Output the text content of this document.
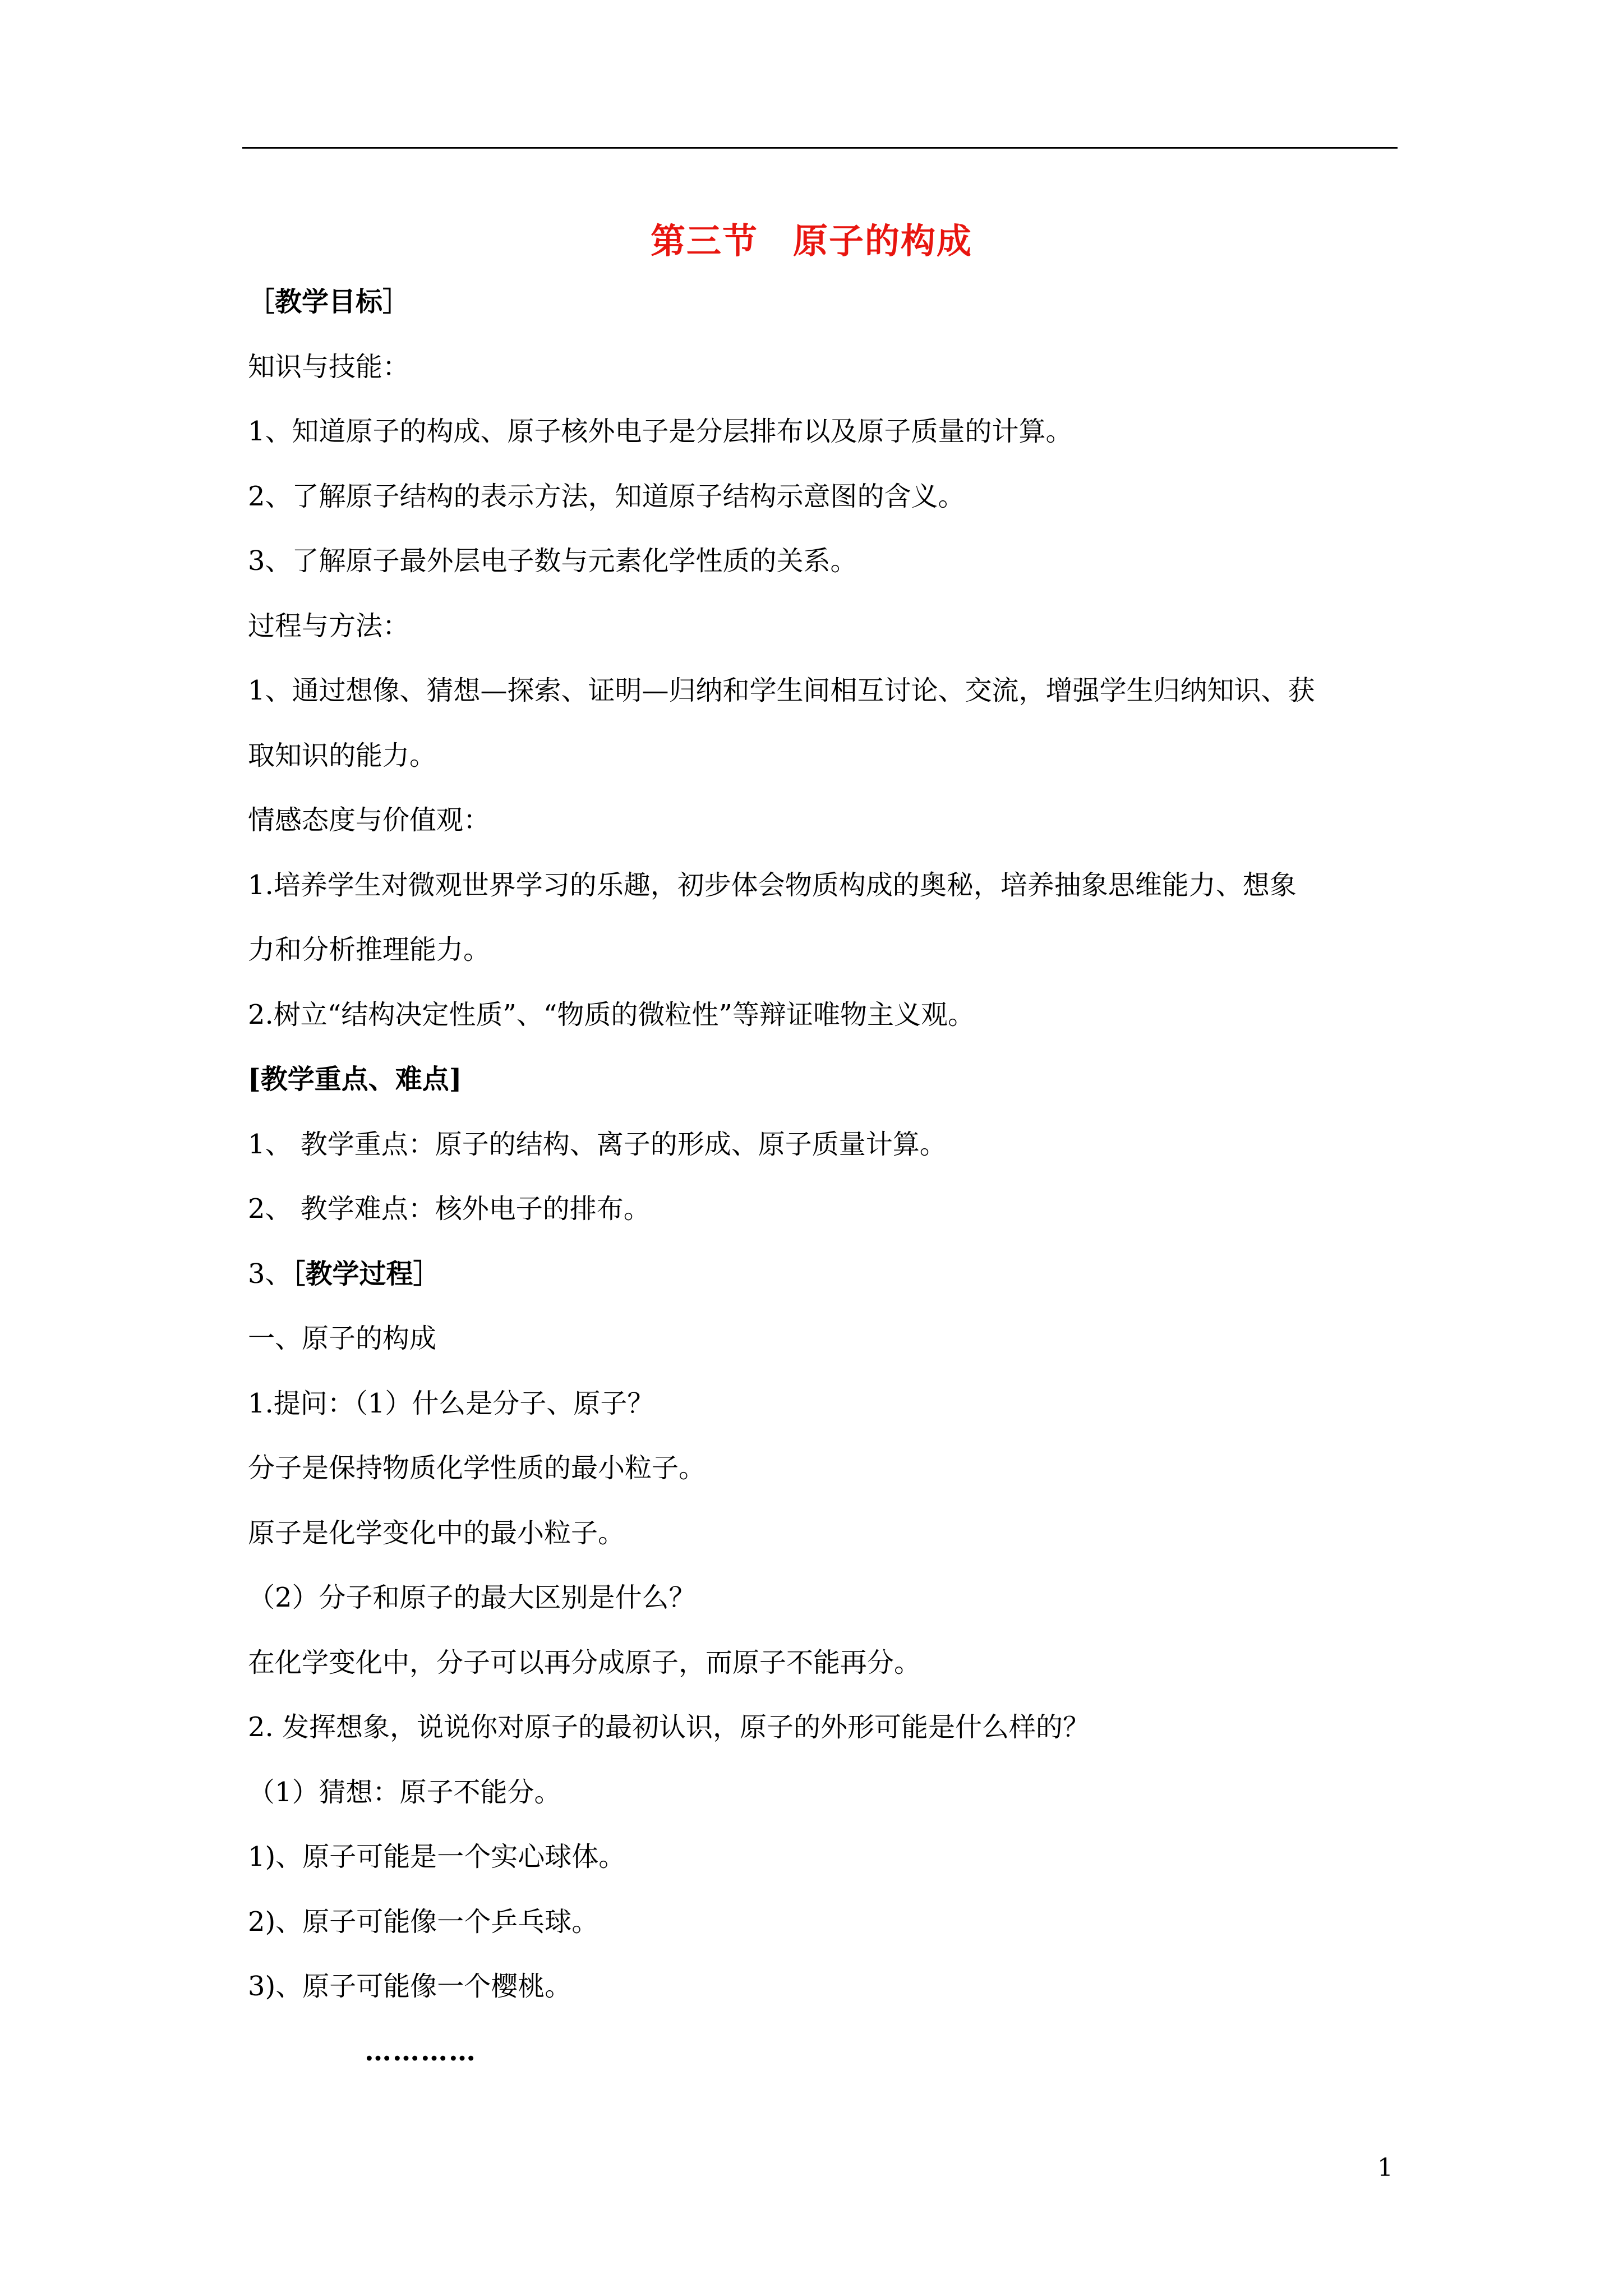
第三节 原子的构成
［教学目标］
知识与技能：
1、知道原子的构成、原子核外电子是分层排布以及原子质量的计算。
2、了解原子结构的表示方法，知道原子结构示意图的含义。
3、了解原子最外层电子数与元素化学性质的关系。
过程与方法：
1、通过想像、猜想—探索、证明—归纳和学生间相互讨论、交流，增强学生归纳知识、获
取知识的能力。
情感态度与价值观：
1.培养学生对微观世界学习的乐趣，初步体会物质构成的奥秘，培养抽象思维能力、想象
力和分析推理能力。
2.树立“结构决定性质”、“物质的微粒性”等辩证唯物主义观。
[教学重点、难点]
1、 教学重点：原子的结构、离子的形成、原子质量计算。
2、 教学难点：核外电子的排布。
3、［教学过程］
一、原子的构成
1.提问：（1）什么是分子、原子？
分子是保持物质化学性质的最小粒子。
原子是化学变化中的最小粒子。
（2）分子和原子的最大区别是什么？
在化学变化中，分子可以再分成原子，而原子不能再分。
2. 发挥想象，说说你对原子的最初认识，原子的外形可能是什么样的？
（1）猜想：原子不能分。
1)、原子可能是一个实心球体。
2)、原子可能像一个乒乓球。
3)、原子可能像一个樱桃。
…………
1
